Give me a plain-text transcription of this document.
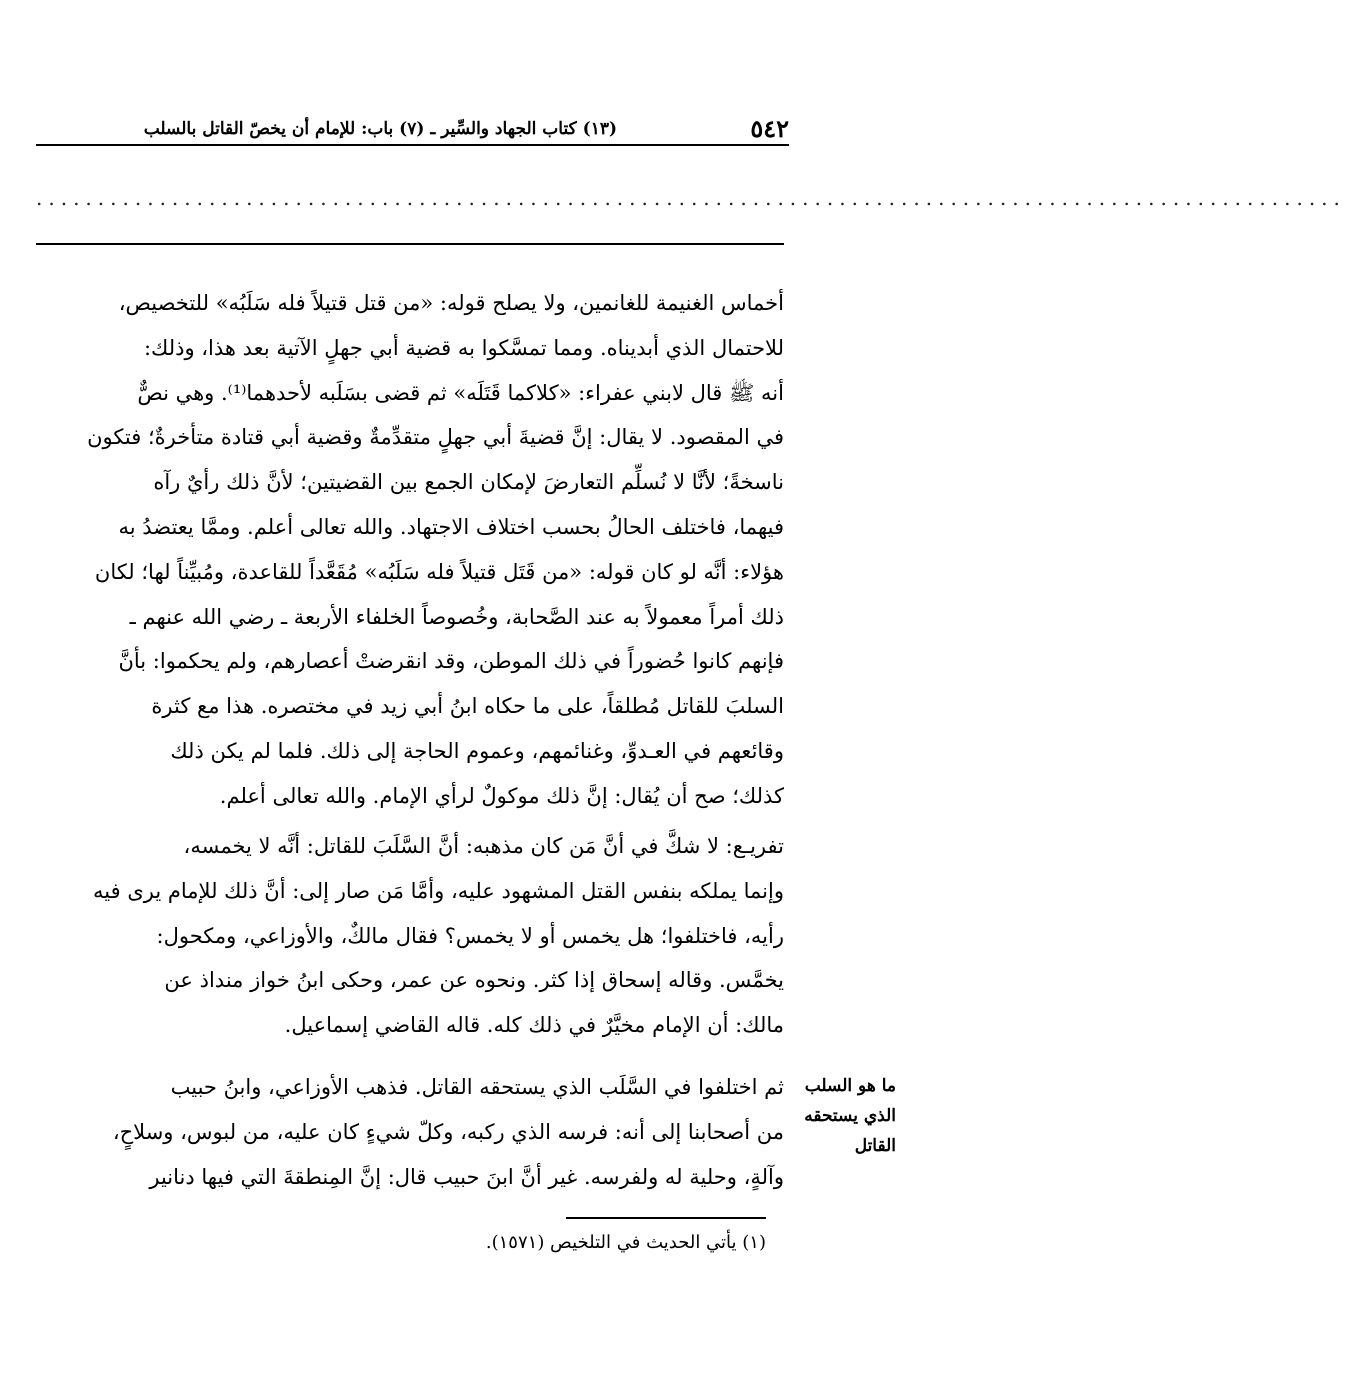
٥٤٢
(١٣) كتاب الجهاد والسِّير ـ (٧) باب: للإمام أن يخصّ القاتل بالسلب
..........................................................................................................

أخماس الغنيمة للغانمين، ولا يصلح قوله: «من قتل قتيلاً فله سَلَبُه» للتخصيص،

للاحتمال الذي أبديناه. ومما تمسَّكوا به قضية أبي جهلٍ الآتية بعد هذا، وذلك:

أنه ﷺ قال لابني عفراء: «كلاكما قَتَلَه» ثم قضى بسَلَبه لأحدهما⁽¹⁾. وهي نصٌّ

في المقصود. لا يقال: إنَّ قضيةَ أبي جهلٍ متقدِّمةٌ وقضية أبي قتادة متأخرةٌ؛ فتكون

ناسخةً؛ لأنَّا لا نُسلِّم التعارضَ لإمكان الجمع بين القضيتين؛ لأنَّ ذلك رأيٌ رآه

فيهما، فاختلف الحالُ بحسب اختلاف الاجتهاد. والله تعالى أعلم. وممَّا يعتضدُ به

هؤلاء: أنَّه لو كان قوله: «من قَتَل قتيلاً فله سَلَبُه» مُقَعَّداً للقاعدة، ومُبيِّناً لها؛ لكان

ذلك أمراً معمولاً به عند الصَّحابة، وخُصوصاً الخلفاء الأربعة ـ رضي الله عنهم ـ

فإنهم كانوا حُضوراً في ذلك الموطن، وقد انقرضتْ أعصارهم، ولم يحكموا: بأنَّ

السلبَ للقاتل مُطلقاً، على ما حكاه ابنُ أبي زيد في مختصره. هذا مع كثرة

وقائعهم في العـدوِّ، وغنائمهم، وعموم الحاجة إلى ذلك. فلما لم يكن ذلك

كذلك؛ صح أن يُقال: إنَّ ذلك موكولٌ لرأي الإمام. والله تعالى أعلم.

تفريـع: لا شكَّ في أنَّ مَن كان مذهبه: أنَّ السَّلَبَ للقاتل: أنَّه لا يخمسه،

وإنما يملكه بنفس القتل المشهود عليه، وأمَّا مَن صار إلى: أنَّ ذلك للإمام يرى فيه

رأيه، فاختلفوا؛ هل يخمس أو لا يخمس؟ فقال مالكٌ، والأوزاعي، ومكحول:

يخمَّس. وقاله إسحاق إذا كثر. ونحوه عن عمر، وحكى ابنُ خواز منداذ عن

مالك: أن الإمام مخيَّرٌ في ذلك كله. قاله القاضي إسماعيل.

ما هو السلب
الذي يستحقه
القاتل

ثم اختلفوا في السَّلَب الذي يستحقه القاتل. فذهب الأوزاعي، وابنُ حبيب

من أصحابنا إلى أنه: فرسه الذي ركبه، وكلّ شيءٍ كان عليه، من لبوس، وسلاحٍ،

وآلةٍ، وحلية له ولفرسه. غير أنَّ ابنَ حبيب قال: إنَّ المِنطقةَ التي فيها دنانير

(١) يأتي الحديث في التلخيص (١٥٧١).
